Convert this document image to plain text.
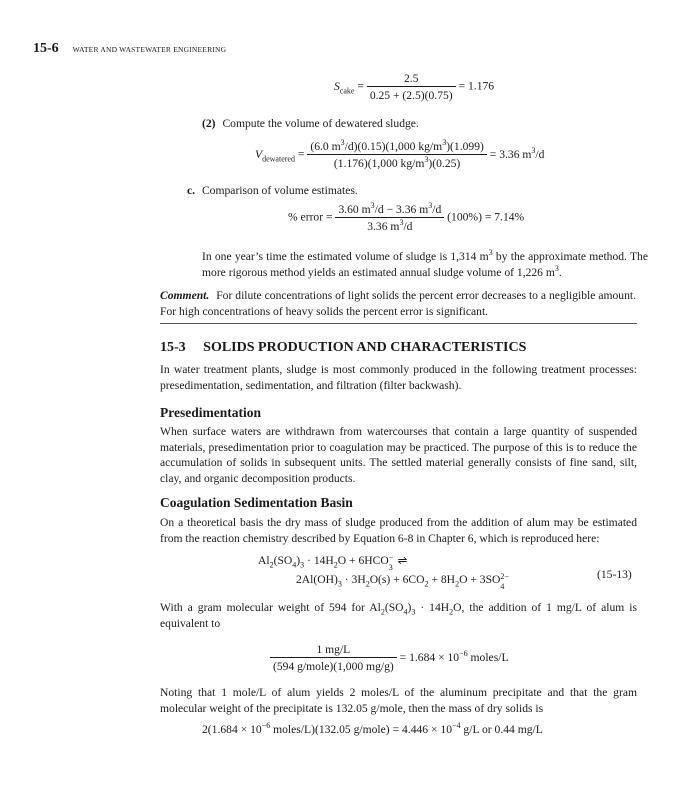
15-6 WATER AND WASTEWATER ENGINEERING
$S_{cake} = \frac{2.5}{0.25 + (2.5)(0.75)} = 1.176$
(2) Compute the volume of dewatered sludge.
$V_{dewatered} = \frac{(6.0 m^3/d)(0.15)(1,000 kg/m^3)(1.099)}{(1.176)(1,000 kg/m^3)(0.25)} = 3.36$ $m^3/d$
c. Comparison of volume estimates.
% error = $\frac{3.60 m^3/d - 3.36 m^3/d}{3.36 m^3/d} (100\%) = 7.14\%$
In one year’s time the estimated volume of sludge is 1,314 $m^3$ by the approximate method. The more rigorous method yields an estimated annual sludge volume of 1,226 $m^3$.
Comment. For dilute concentrations of light solids the percent error decreases to a negligible amount. For high concentrations of heavy solids the percent error is significant.
15-3 SOLIDS PRODUCTION AND CHARACTERISTICS
In water treatment plants, sludge is most commonly produced in the following treatment processes: presedimentation, sedimentation, and filtration (filter backwash).
Presedimentation
When surface waters are withdrawn from watercourses that contain a large quantity of suspended materials, presedimentation prior to coagulation may be practiced. The purpose of this is to reduce the accumulation of solids in subsequent units. The settled material generally consists of fine sand, silt, clay, and organic decomposition products.
Coagulation Sedimentation Basin
On a theoretical basis the dry mass of sludge produced from the addition of alum may be estimated from the reaction chemistry described by Equation 6-8 in Chapter 6, which is reproduced here:
$Al_2(SO_4)_3 \cdot 14H_2O + 6HCO$
3
− ⇌
$2Al(OH)_3 \cdot 3H_2O(s) + 6CO_2 + 8H_2O + 3SO$
4
2−	(15-13)
With a gram molecular weight of 594 for $Al_2(SO_4)_3 \cdot 14H_2O$, the addition of 1 mg/L of alum is equivalent to
$\frac{1 mg/L}{\text{(594 g/mole)(1,000 mg/g)}} = 1.684 \times 10^{-6}$ moles/L
Noting that 1 mole/L of alum yields 2 moles/L of the aluminum precipitate and that the gram molecular weight of the precipitate is 132.05 g/mole, then the mass of dry solids is
$2(1.684 \times 10^{-6}$ moles/L)(132.05 g/mole) = $4.446 \times 10^{-4}$ g/L or 0.44 mg/L
